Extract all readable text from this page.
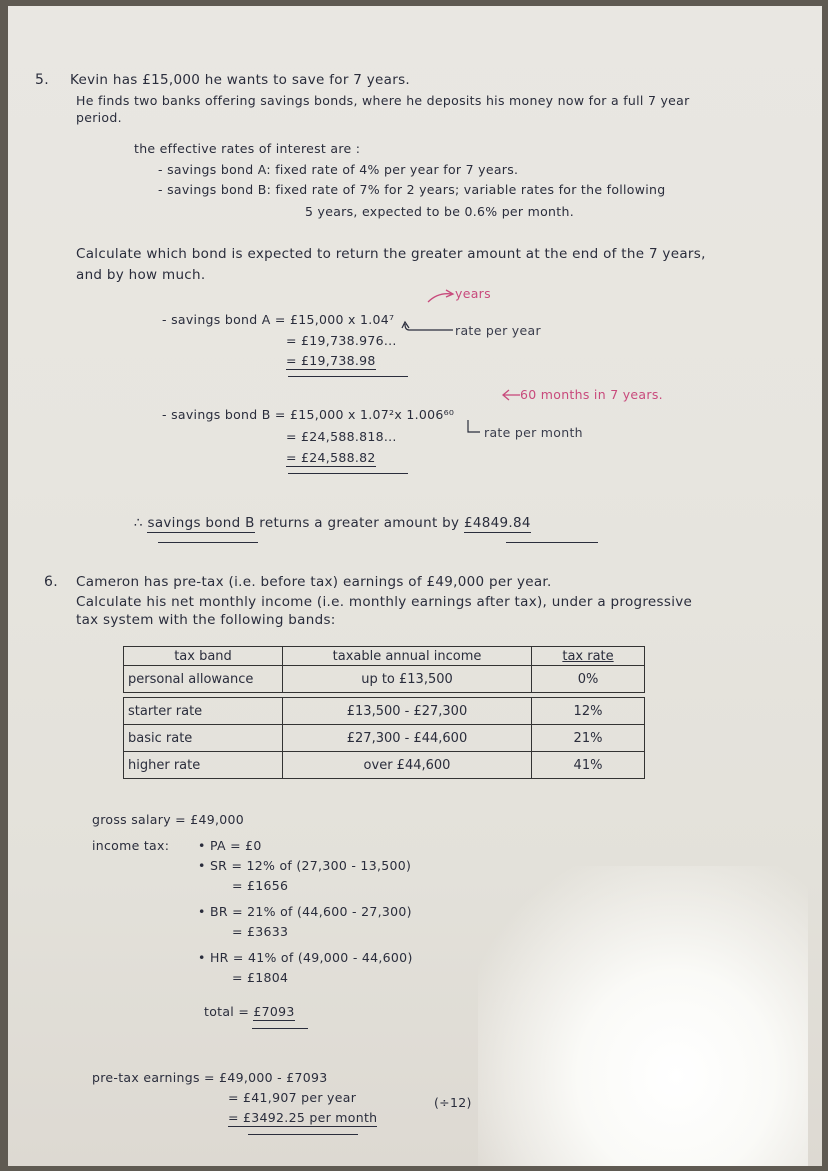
5. Kevin has £15,000 he wants to save for 7 years.
He finds two banks offering savings bonds, where he deposits his money now for a full 7 year
period.
the effective rates of interest are :
- savings bond A: fixed rate of 4% per year for 7 years.
- savings bond B: fixed rate of 7% for 2 years; variable rates for the following
5 years, expected to be 0.6% per month.
Calculate which bond is expected to return the greater amount at the end of the 7 years,
and by how much.
years
- savings bond A = £15,000 x 1.04⁷
= £19,738.976...
rate per year
= £19,738.98
60 months in 7 years.
- savings bond B = £15,000 x 1.07²x 1.006⁶⁰
rate per month
= £24,588.818...
= £24,588.82
∴ savings bond B returns a greater amount by £4849.84
6. Cameron has pre-tax (i.e. before tax) earnings of £49,000 per year.
Calculate his net monthly income (i.e. monthly earnings after tax), under a progressive
tax system with the following bands:
tax band	taxable annual income	tax rate
personal allowance	up to £13,500	0%

starter rate	£13,500 - £27,300	12%
basic rate	£27,300 - £44,600	21%
higher rate	over £44,600	41%
gross salary = £49,000
income tax: • PA = £0
• SR = 12% of (27,300 - 13,500)
= £1656
• BR = 21% of (44,600 - 27,300)
= £3633
• HR = 41% of (49,000 - 44,600)
= £1804
total = £7093
pre-tax earnings = £49,000 - £7093
= £41,907 per year	(÷12)
= £3492.25 per month
